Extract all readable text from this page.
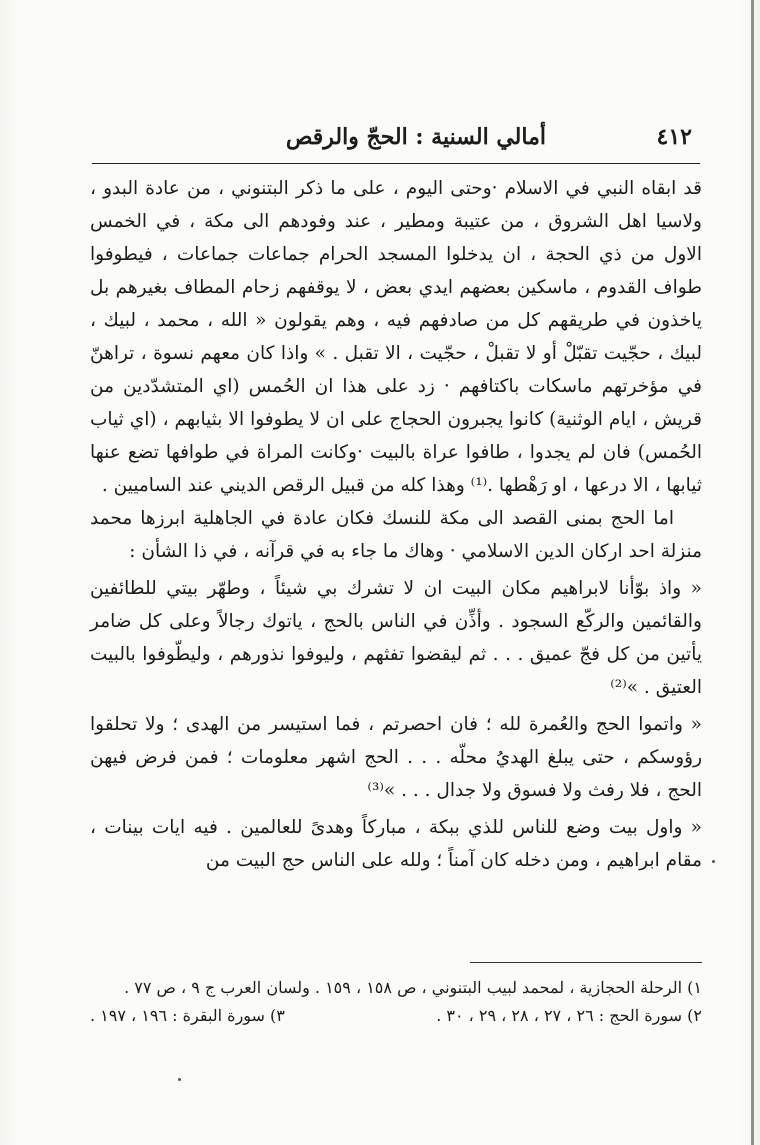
٤١٢
أمالي السنية : الحجّ والرقص

قد ابقاه النبي في الاسلام ·وحتى اليوم ، على ما ذكر البتنوني ، من عادة البدو ، ولاسيا اهل الشروق ، من عتيبة ومطير ، عند وفودهم الى مكة ، في الخمس الاول من ذي الحجة ، ان يدخلوا المسجد الحرام جماعات جماعات ، فيطوفوا طواف القدوم ، ماسكين بعضهم ايدي بعض ، لا يوقفهم زحام المطاف بغيرهم بل ياخذون في طريقهم كل من صادفهم فيه ، وهم يقولون « الله ، محمد ، لبيك ، لبيك ، حجّيت تقبّلْ أو لا تقبلْ ، حجّيت ، الا تقبل . » واذا كان معهم نسوة ، تراهنّ في مؤخرتهم ماسكات باكتافهم · زد على هذا ان الحُمس (اي المتشدّدين من قريش ، ايام الوثنية) كانوا يجبرون الحجاج على ان لا يطوفوا الا بثيابهم ، (اي ثياب الحُمس) فان لم يجدوا ، طافوا عراة بالبيت ·وكانت المراة في طوافها تضع عنها ثيابها ، الا درعها ، او رَهْطها .⁽¹⁾ وهذا كله من قبيل الرقص الديني عند الساميين .

اما الحج بمنى القصد الى مكة للنسك فكان عادة في الجاهلية ابرزها محمد منزلة احد اركان الدين الاسلامي · وهاك ما جاء به في قرآنه ، في ذا الشأن :

« واذ بوّأنا لابراهيم مكان البيت ان لا تشرك بي شيئاً ، وطهّر بيتي للطائفين والقائمين والركّع السجود . وأذِّن في الناس بالحج ، ياتوك رجالاً وعلى كل ضامر يأتين من كل فجّ عميق . . . ثم ليقضوا تفثهم ، وليوفوا نذورهم ، وليطّوفوا بالبيت العتيق . »⁽²⁾

« واتموا الحج والعُمرة لله ؛ فان احصرتم ، فما استيسر من الهدى ؛ ولا تحلقوا رؤوسكم ، حتى يبلغ الهديُ محلّه . . . الحج اشهر معلومات ؛ فمن فرض فيهن الحج ، فلا رفث ولا فسوق ولا جدال . . . »⁽³⁾

« واول بيت وضع للناس للذي ببكة ، مباركاً وهدىً للعالمين . فيه ايات بينات ، مقام ابراهيم ، ومن دخله كان آمناً ؛ ولله على الناس حج البيت من

١) الرحلة الحجازية ، لمحمد لبيب البتنوني ، ص ١٥٨ ، ١٥٩ . ولسان العرب ج ٩ ، ص ٧٧ .

٢) سورة الحج : ٢٦ ، ٢٧ ، ٢٨ ، ٢٩ ، ٣٠ .

٣) سورة البقرة : ١٩٦ ، ١٩٧ .
